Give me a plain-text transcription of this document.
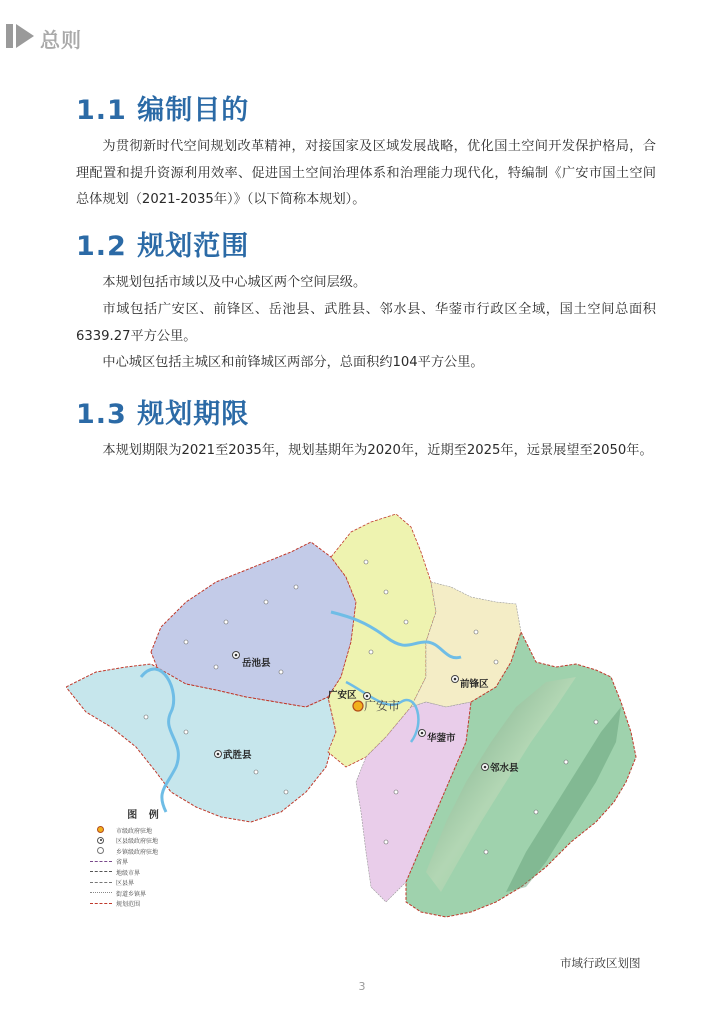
总则
1.1 编制目的

为贯彻新时代空间规划改革精神，对接国家及区域发展战略，优化国土空间开发保护格局，合理配置和提升资源利用效率、促进国土空间治理体系和治理能力现代化，特编制《广安市国土空间总体规划（2021-2035年）》（以下简称本规划）。

1.2 规划范围

本规划包括市域以及中心城区两个空间层级。

市域包括广安区、前锋区、岳池县、武胜县、邻水县、华蓥市行政区全域，国土空间总面积6339.27平方公里。

中心城区包括主城区和前锋城区两部分，总面积约104平方公里。

1.3 规划期限

本规划期限为2021至2035年，规划基期年为2020年，近期至2025年，远景展望至2050年。

岳池县
武胜县
广安区
广安市
前锋区
华蓥市
邻水县
图 例
市级政府驻地
区县级政府驻地
乡镇级政府驻地
省界
地级市界
区县界
街道乡镇界
规划范围
市域行政区划图
3
